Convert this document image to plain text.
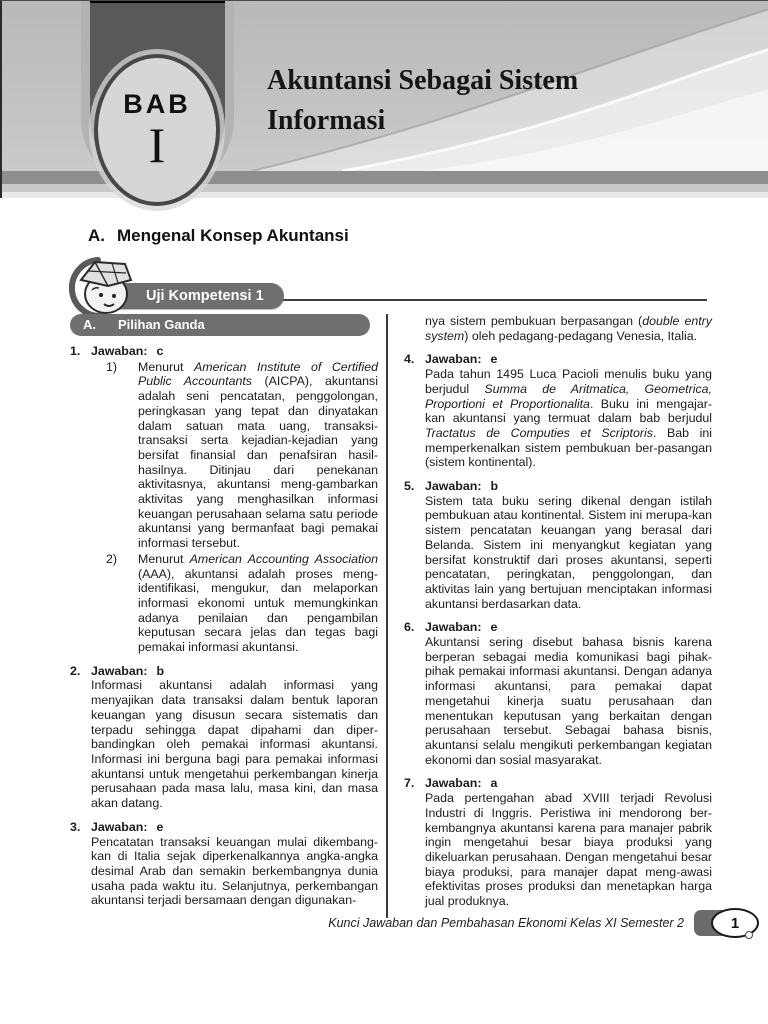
BAB
I
Akuntansi Sebagai Sistem
Informasi
A. Mengenal Konsep Akuntansi
Uji Kompetensi 1
A. Pilihan Ganda
1. Jawaban: c
1)	Menurut American Institute of Certified Public Accountants (AICPA), akuntansi adalah seni pencatatan, penggolongan, peringkasan yang tepat dan dinyatakan dalam satuan mata uang, transaksi-transaksi serta kejadian-kejadian yang bersifat finansial dan penafsiran hasil-hasilnya. Ditinjau dari penekanan aktivitasnya, akuntansi meng-gambarkan aktivitas yang menghasilkan informasi keuangan perusahaan selama satu periode akuntansi yang bermanfaat bagi pemakai informasi tersebut.
2)	Menurut American Accounting Association (AAA), akuntansi adalah proses meng-identifikasi, mengukur, dan melaporkan informasi ekonomi untuk memungkinkan adanya penilaian dan pengambilan keputusan secara jelas dan tegas bagi pemakai informasi akuntansi.
2. Jawaban: b
Informasi akuntansi adalah informasi yang menyajikan data transaksi dalam bentuk laporan keuangan yang disusun secara sistematis dan terpadu sehingga dapat dipahami dan diper-bandingkan oleh pemakai informasi akuntansi. Informasi ini berguna bagi para pemakai informasi akuntansi untuk mengetahui perkembangan kinerja perusahaan pada masa lalu, masa kini, dan masa akan datang.
3. Jawaban: e
Pencatatan transaksi keuangan mulai dikembang-kan di Italia sejak diperkenalkannya angka-angka desimal Arab dan semakin berkembangnya dunia usaha pada waktu itu. Selanjutnya, perkembangan akuntansi terjadi bersamaan dengan digunakan-
nya sistem pembukuan berpasangan (double entry system) oleh pedagang-pedagang Venesia, Italia.
4. Jawaban: e
Pada tahun 1495 Luca Pacioli menulis buku yang berjudul Summa de Aritmatica, Geometrica, Proportioni et Proportionalita. Buku ini mengajar-kan akuntansi yang termuat dalam bab berjudul Tractatus de Computies et Scriptoris. Bab ini memperkenalkan sistem pembukuan ber-pasangan (sistem kontinental).
5. Jawaban: b
Sistem tata buku sering dikenal dengan istilah pembukuan atau kontinental. Sistem ini merupa-kan sistem pencatatan keuangan yang berasal dari Belanda. Sistem ini menyangkut kegiatan yang bersifat konstruktif dari proses akuntansi, seperti pencatatan, peringkatan, penggolongan, dan aktivitas lain yang bertujuan menciptakan informasi akuntansi berdasarkan data.
6. Jawaban: e
Akuntansi sering disebut bahasa bisnis karena berperan sebagai media komunikasi bagi pihak-pihak pemakai informasi akuntansi. Dengan adanya informasi akuntansi, para pemakai dapat mengetahui kinerja suatu perusahaan dan menentukan keputusan yang berkaitan dengan perusahaan tersebut. Sebagai bahasa bisnis, akuntansi selalu mengikuti perkembangan kegiatan ekonomi dan sosial masyarakat.
7. Jawaban: a
Pada pertengahan abad XVIII terjadi Revolusi Industri di Inggris. Peristiwa ini mendorong ber-kembangnya akuntansi karena para manajer pabrik ingin mengetahui besar biaya produksi yang dikeluarkan perusahaan. Dengan mengetahui besar biaya produksi, para manajer dapat meng-awasi efektivitas proses produksi dan menetapkan harga jual produknya.
Kunci Jawaban dan Pembahasan Ekonomi Kelas XI Semester 2	1
